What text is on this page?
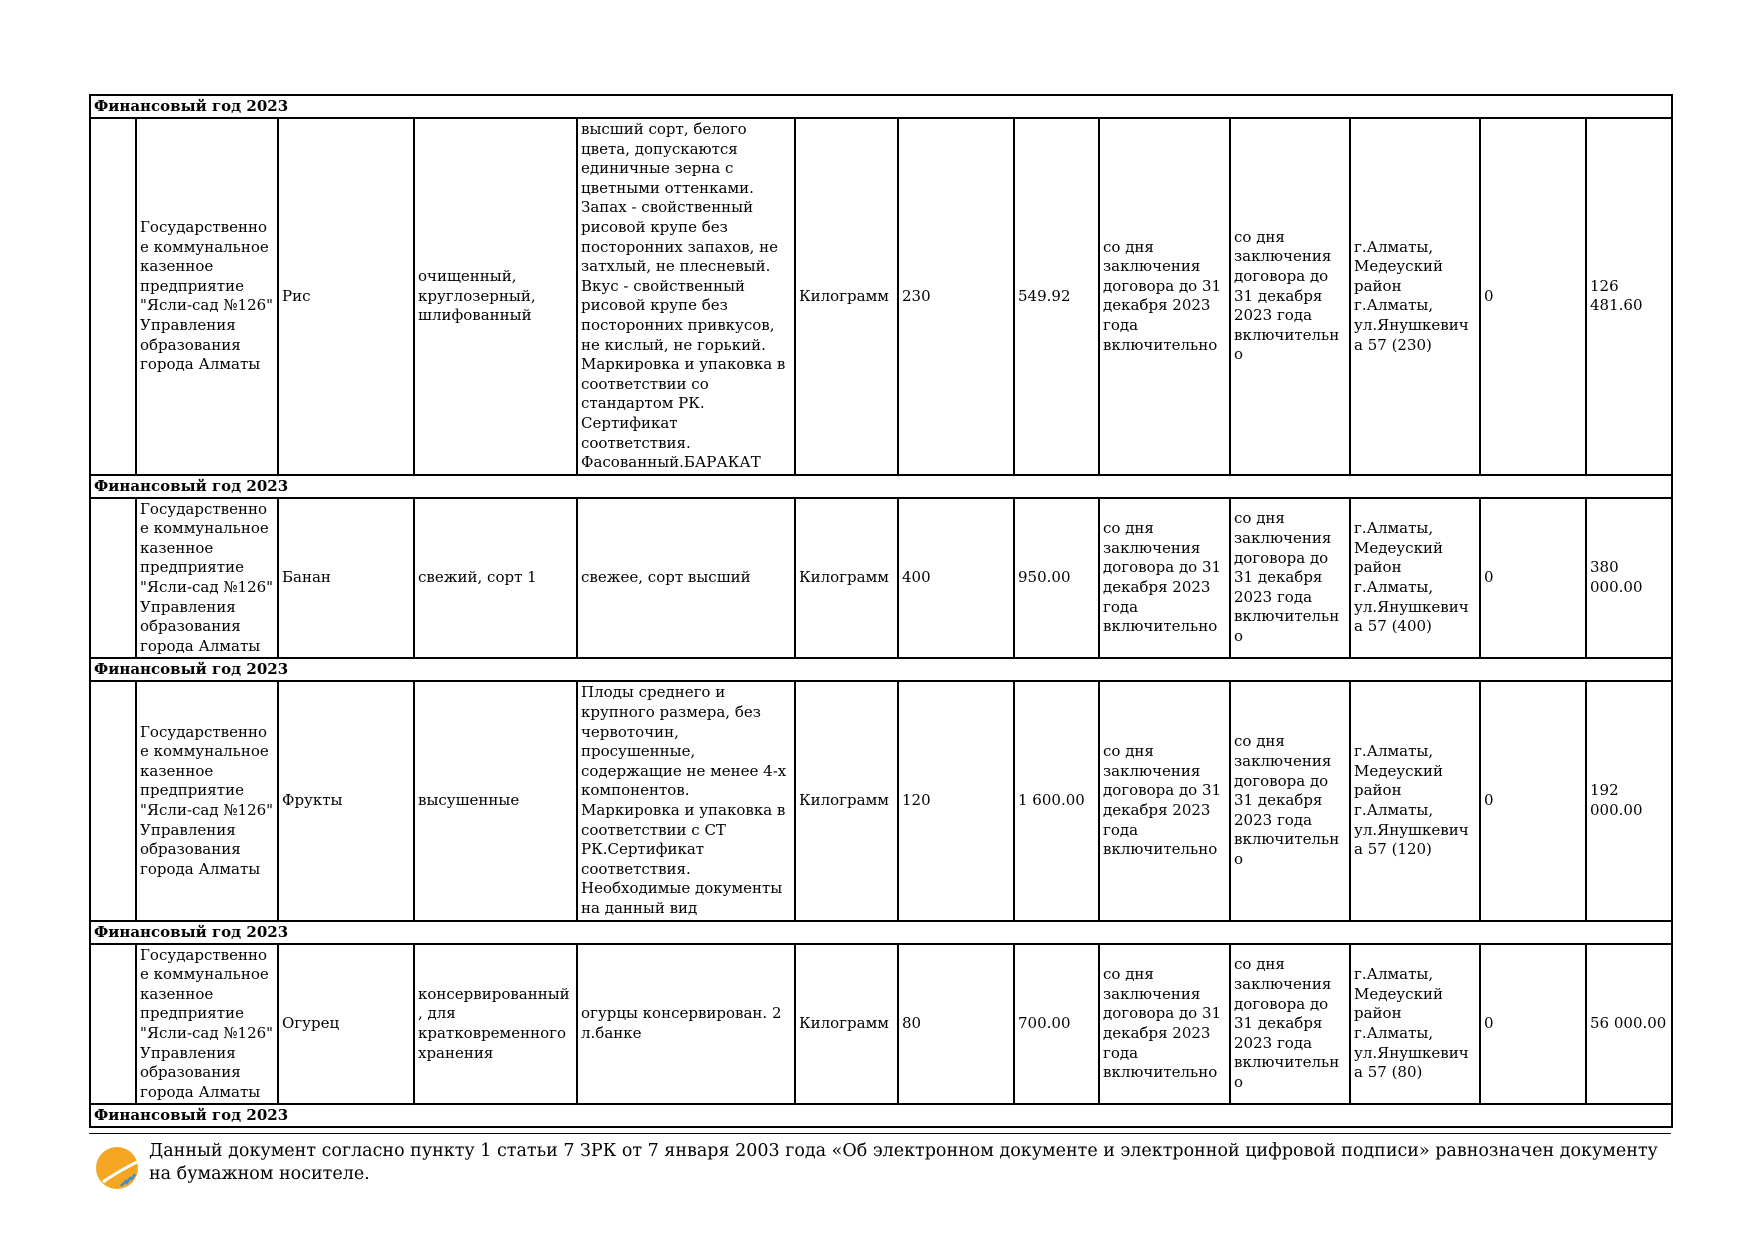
Финансовый год 2023												
	Государственное коммунальное казенное предприятие "Ясли-сад №126" Управления образования города Алматы	Рис	очищенный, круглозерный, шлифованный	высший сорт, белого цвета, допускаются единичные зерна с цветными оттенками. Запах - свойственный рисовой крупе без посторонних запахов, не затхлый, не плесневый. Вкус - свойственный рисовой крупе без посторонних привкусов, не кислый, не горький. Маркировка и упаковка в соответствии со стандартом РК. Сертификат соответствия. Фасованный.БАРАКАТ	Килограмм	230	549.92	со дня заключения договора до 31 декабря 2023 года включительно	со дня заключения договора до 31 декабря 2023 года включительно	г.Алматы, Медеуский район г.Алматы, ул.Янушкевича 57 (230)	0	126 481.60
Финансовый год 2023												
	Государственное коммунальное казенное предприятие "Ясли-сад №126" Управления образования города Алматы	Банан	свежий, сорт 1	свежее, сорт высший	Килограмм	400	950.00	со дня заключения договора до 31 декабря 2023 года включительно	со дня заключения договора до 31 декабря 2023 года включительно	г.Алматы, Медеуский район г.Алматы, ул.Янушкевича 57 (400)	0	380 000.00
Финансовый год 2023												
	Государственное коммунальное казенное предприятие "Ясли-сад №126" Управления образования города Алматы	Фрукты	высушенные	Плоды среднего и крупного размера, без червоточин, просушенные, содержащие не менее 4-х компонентов. Маркировка и упаковка в соответствии с СТ РК.Сертификат соответствия. Необходимые документы на данный вид	Килограмм	120	1 600.00	со дня заключения договора до 31 декабря 2023 года включительно	со дня заключения договора до 31 декабря 2023 года включительно	г.Алматы, Медеуский район г.Алматы, ул.Янушкевича 57 (120)	0	192 000.00
Финансовый год 2023												
	Государственное коммунальное казенное предприятие "Ясли-сад №126" Управления образования города Алматы	Огурец	консервированный, для кратковременного хранения	огурцы консервирован. 2 л.банке	Килограмм	80	700.00	со дня заключения договора до 31 декабря 2023 года включительно	со дня заключения договора до 31 декабря 2023 года включительно	г.Алматы, Медеуский район г.Алматы, ул.Янушкевича 57 (80)	0	56 000.00
Финансовый год 2023												
Данный документ согласно пункту 1 статьи 7 ЗРК от 7 января 2003 года «Об электронном документе и электронной цифровой подписи» равнозначен документу на бумажном носителе.
